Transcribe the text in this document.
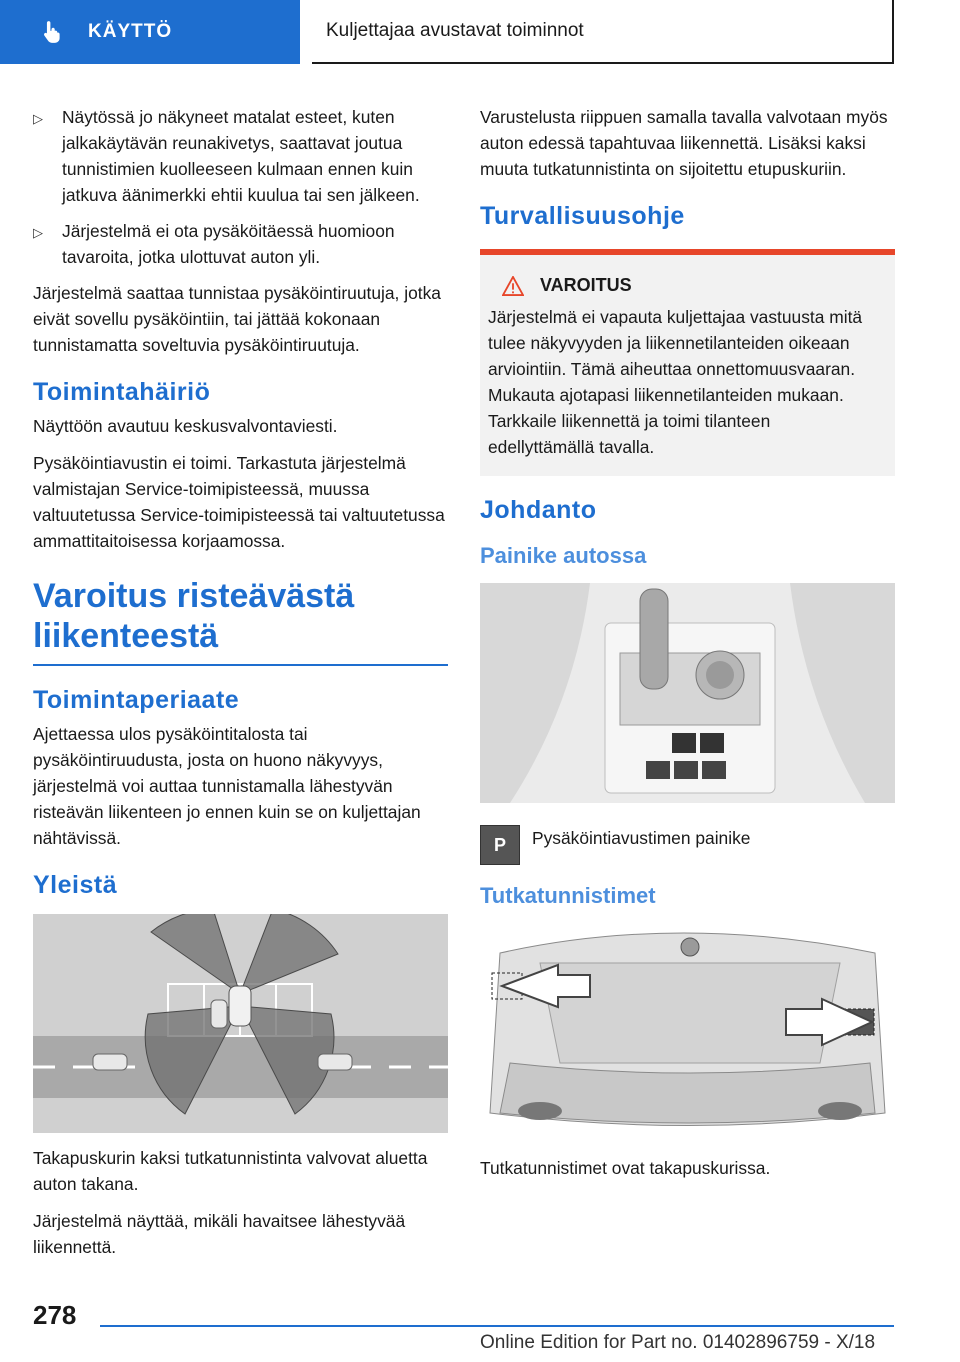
KÄYTTÖ	Kuljettajaa avustavat toiminnot

▷ Näytössä jo näkyneet matalat esteet, kuten jalkakäytävän reunakivetys, saattavat joutua tunnistimien kuolleeseen kulmaan ennen kuin jatkuva äänimerkki ehtii kuulua tai sen jälkeen.

▷ Järjestelmä ei ota pysäköitäessä huomioon tavaroita, jotka ulottuvat auton yli.

Järjestelmä saattaa tunnistaa pysäköintiruutuja, jotka eivät sovellu pysäköintiin, tai jättää kokonaan tunnistamatta soveltuvia pysäköintiruutuja.

Toimintahäiriö

Näyttöön avautuu keskusvalvontaviesti.

Pysäköintiavustin ei toimi. Tarkastuta järjestelmä valmistajan Service-toimipisteessä, muussa valtuutetussa Service-toimipisteessä tai valtuutetussa ammattitaitoisessa korjaamossa.

Varoitus risteävästä liikenteestä
Toimintaperiaate

Ajettaessa ulos pysäköintitalosta tai pysäköintiruudusta, josta on huono näkyvyys, järjestelmä voi auttaa tunnistamalla lähestyvän risteävän liikenteen jo ennen kuin se on kuljettajan nähtävissä.

Yleistä

Takapuskurin kaksi tutkatunnistinta valvovat aluetta auton takana.

Järjestelmä näyttää, mikäli havaitsee lähestyvää liikennettä.

Varustelusta riippuen samalla tavalla valvotaan myös auton edessä tapahtuvaa liikennettä. Lisäksi kaksi muuta tutkatunnistinta on sijoitettu etupuskuriin.

Turvallisuusohje
VAROITUS

Järjestelmä ei vapauta kuljettajaa vastuusta mitä tulee näkyvyyden ja liikennetilanteiden oikeaan arviointiin. Tämä aiheuttaa onnettomuusvaaran. Mukauta ajotapasi liikennetilanteiden mukaan. Tarkkaile liikennettä ja toimi tilanteen edellyttämällä tavalla.

Johdanto
Painike autossa
P	Pysäköintiavustimen painike
Tutkatunnistimet

Tutkatunnistimet ovat takapuskurissa.

278
Online Edition for Part no. 01402896759 - X/18
